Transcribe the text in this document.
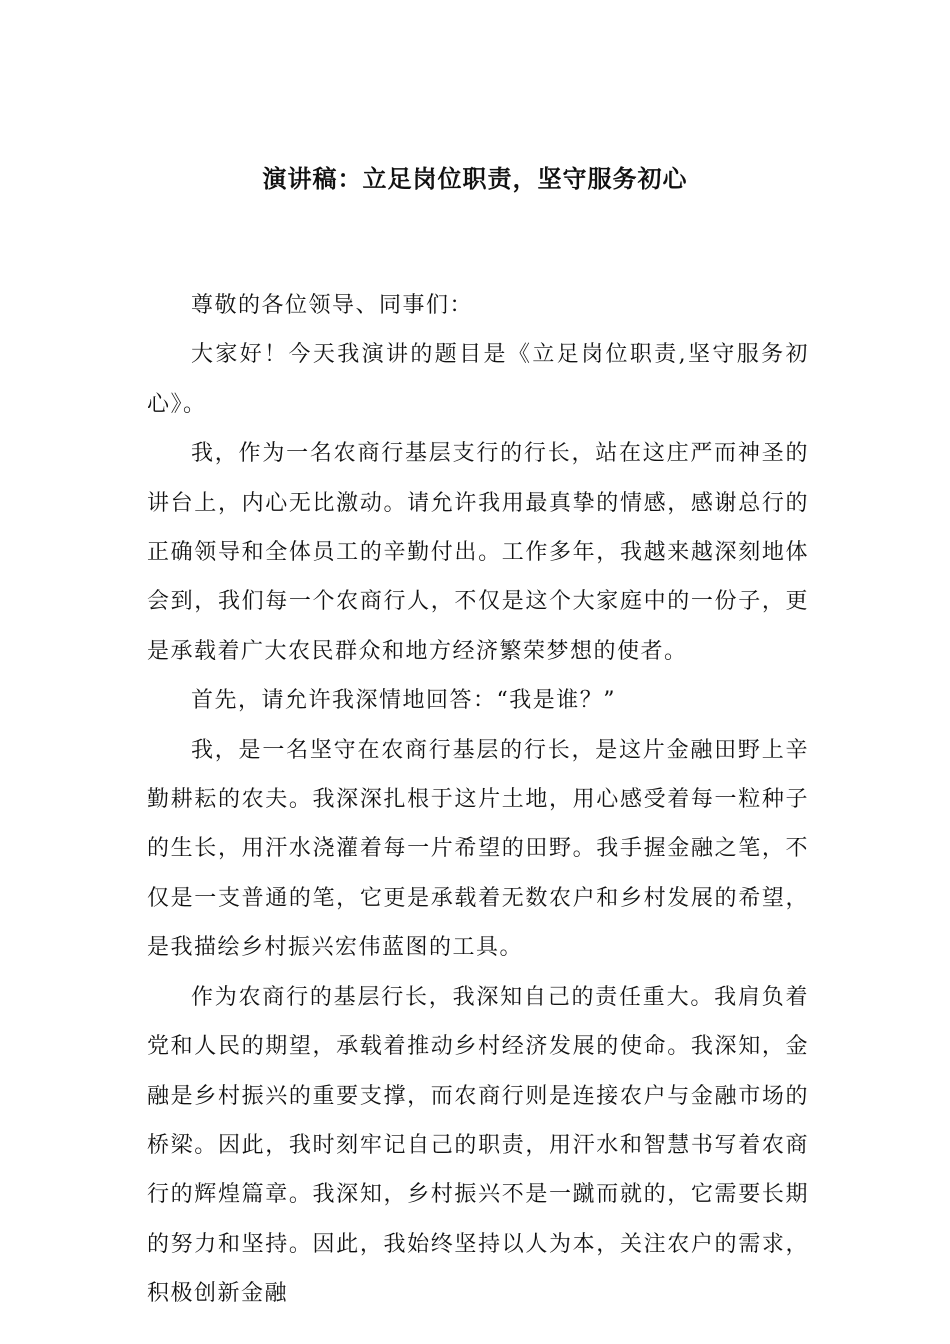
演讲稿：立足岗位职责，坚守服务初心

尊敬的各位领导、同事们：

大家好！今天我演讲的题目是《立足岗位职责,坚守服务初心》。

我，作为一名农商行基层支行的行长，站在这庄严而神圣的讲台上，内心无比激动。请允许我用最真挚的情感，感谢总行的正确领导和全体员工的辛勤付出。工作多年，我越来越深刻地体会到，我们每一个农商行人，不仅是这个大家庭中的一份子，更是承载着广大农民群众和地方经济繁荣梦想的使者。

首先，请允许我深情地回答：“我是谁？”

我，是一名坚守在农商行基层的行长，是这片金融田野上辛勤耕耘的农夫。我深深扎根于这片土地，用心感受着每一粒种子的生长，用汗水浇灌着每一片希望的田野。我手握金融之笔，不仅是一支普通的笔，它更是承载着无数农户和乡村发展的希望，是我描绘乡村振兴宏伟蓝图的工具。

作为农商行的基层行长，我深知自己的责任重大。我肩负着党和人民的期望，承载着推动乡村经济发展的使命。我深知，金融是乡村振兴的重要支撑，而农商行则是连接农户与金融市场的桥梁。因此，我时刻牢记自己的职责，用汗水和智慧书写着农商行的辉煌篇章。我深知，乡村振兴不是一蹴而就的，它需要长期的努力和坚持。因此，我始终坚持以人为本，关注农户的需求，积极创新金融
